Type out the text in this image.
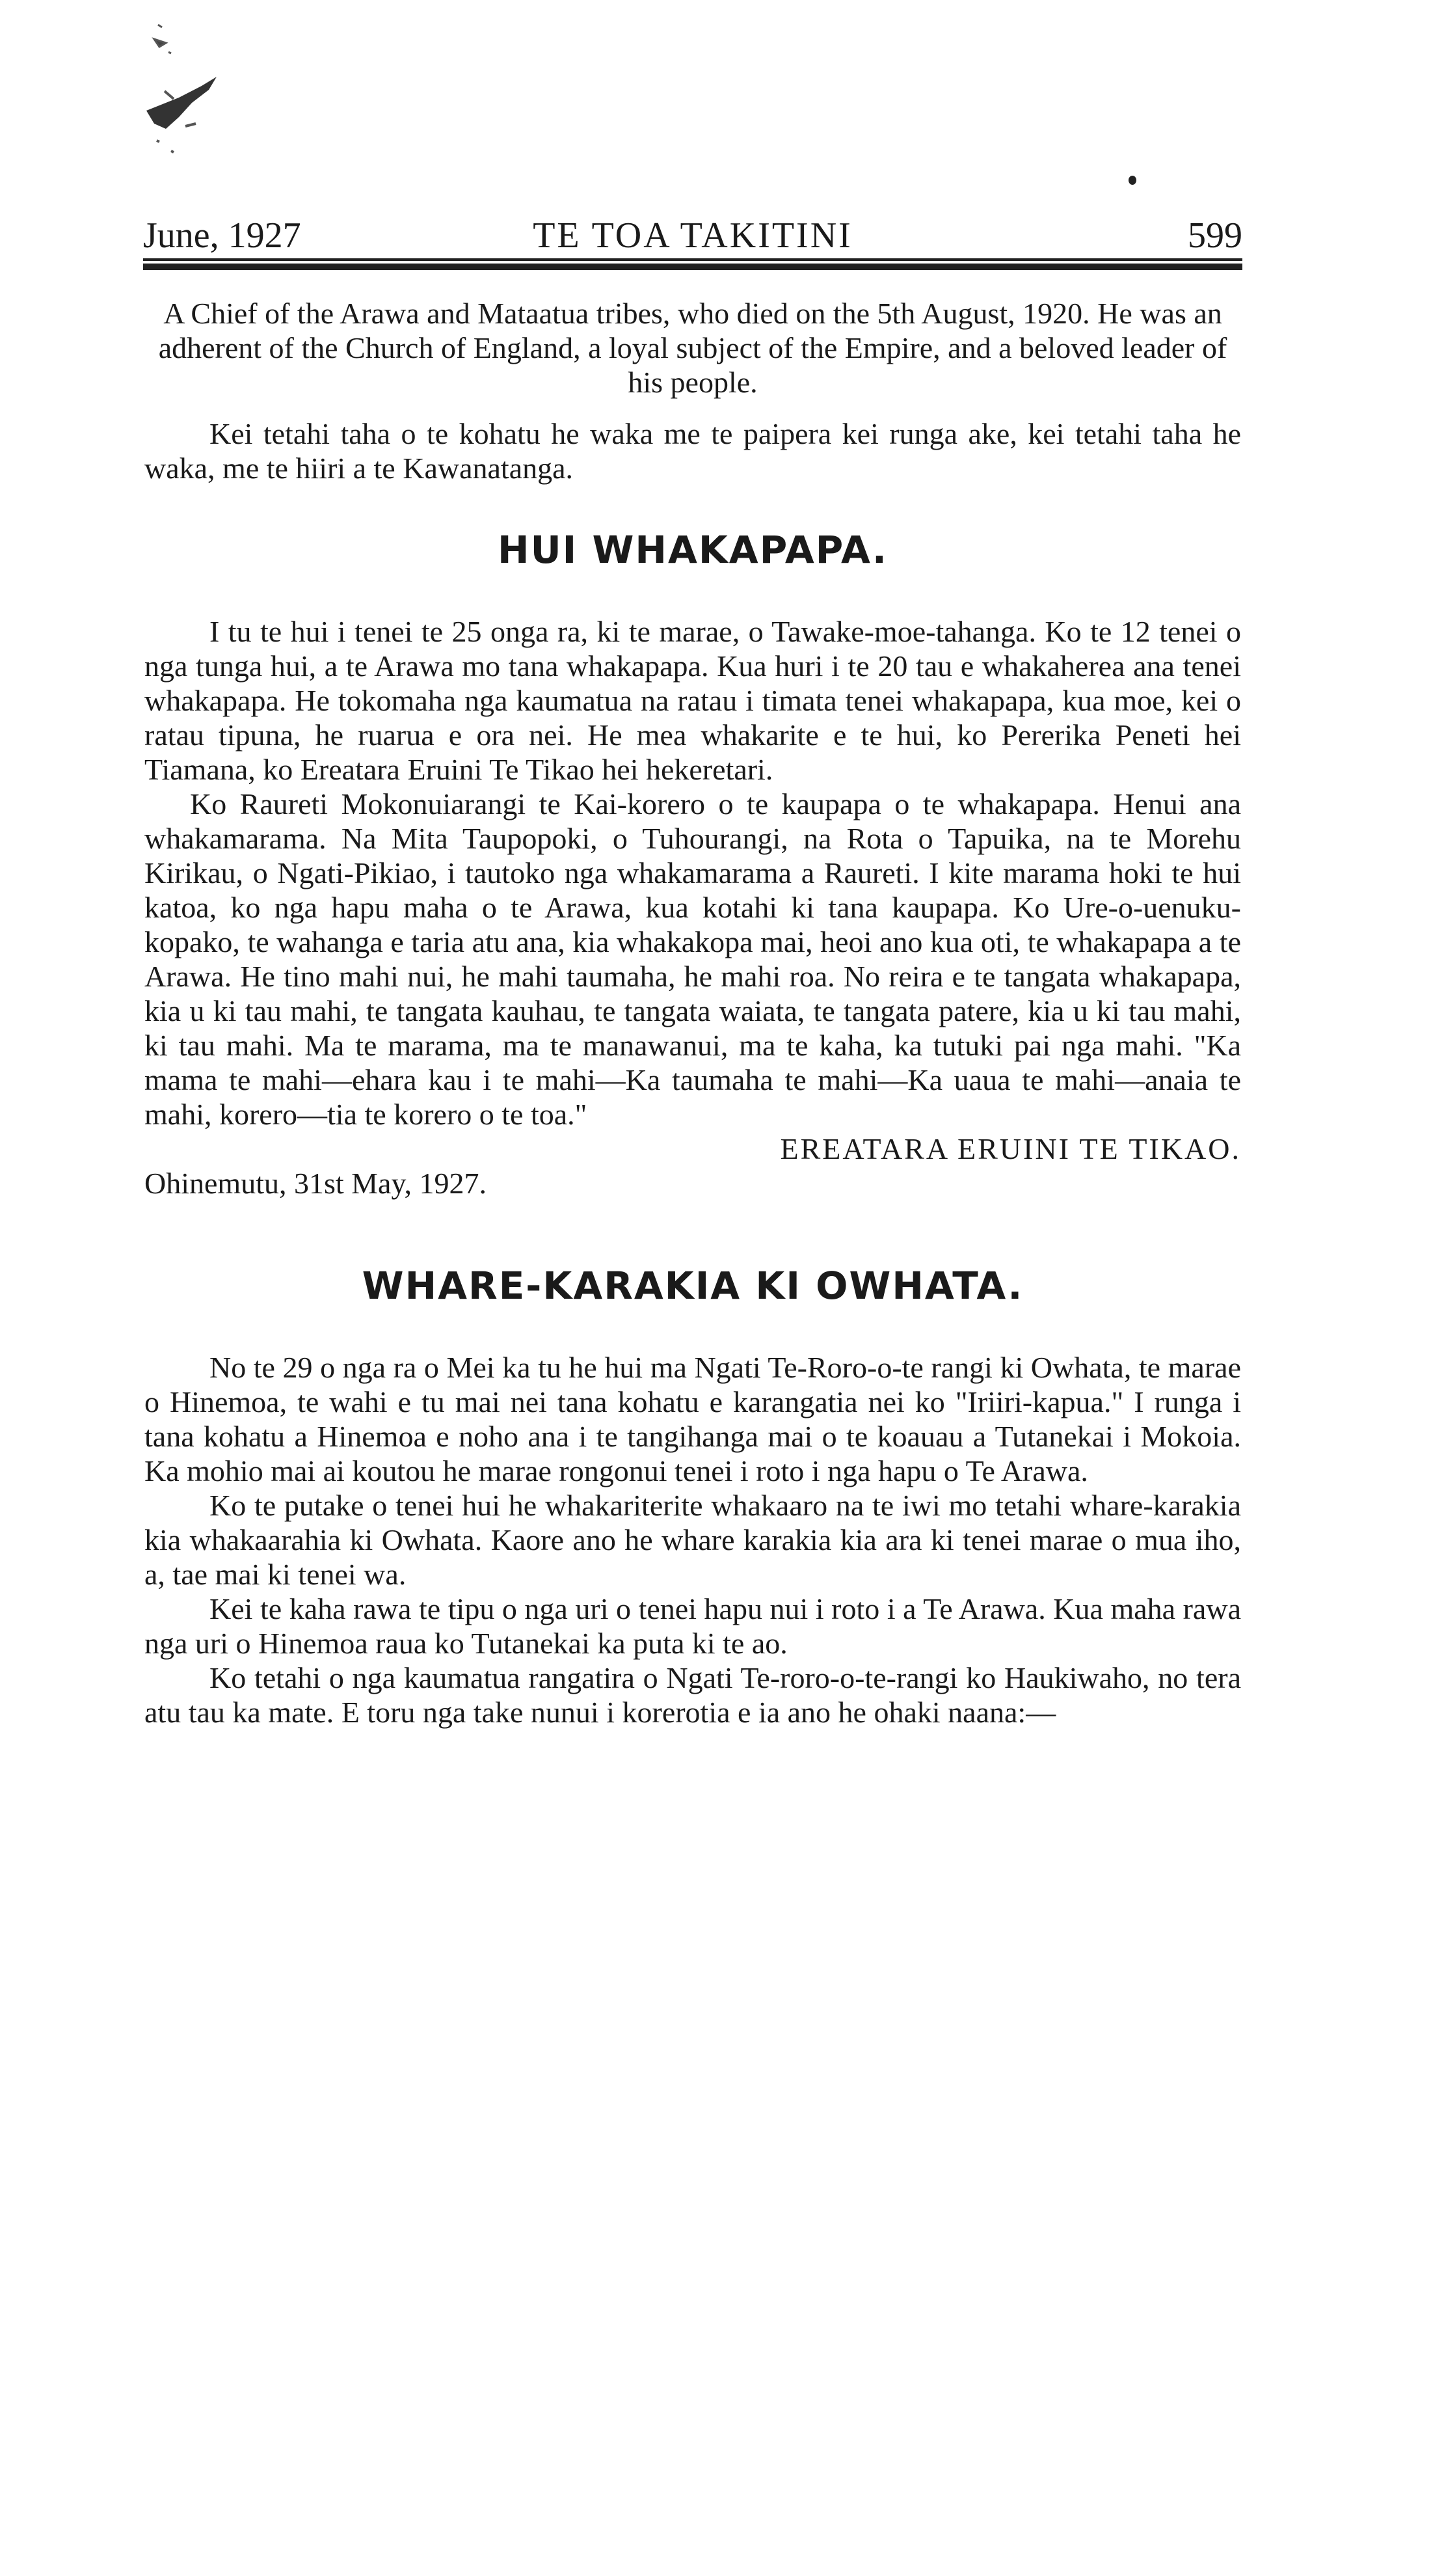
June, 1927	TE TOA TAKITINI	599

A Chief of the Arawa and Mataatua tribes, who died on the 5th August, 1920. He was an adherent of the Church of England, a loyal subject of the Empire, and a beloved leader of his people.

Kei tetahi taha o te kohatu he waka me te paipera kei runga ake, kei tetahi taha he waka, me te hiiri a te Kawanatanga.

HUI WHAKAPAPA.

I tu te hui i tenei te 25 onga ra, ki te marae, o Tawake-moe-tahanga. Ko te 12 tenei o nga tunga hui, a te Arawa mo tana whakapapa. Kua huri i te 20 tau e whakaherea ana tenei whakapapa. He tokomaha nga kaumatua na ratau i timata tenei whakapapa, kua moe, kei o ratau tipuna, he ruarua e ora nei. He mea whakarite e te hui, ko Pererika Peneti hei Tiamana, ko Ereatara Eruini Te Tikao hei hekeretari.

Ko Raureti Mokonuiarangi te Kai-korero o te kaupapa o te whakapapa. Henui ana whakamarama. Na Mita Taupopoki, o Tuhourangi, na Rota o Tapuika, na te Morehu Kirikau, o Ngati-Pikiao, i tautoko nga whakamarama a Raureti. I kite marama hoki te hui katoa, ko nga hapu maha o te Arawa, kua kotahi ki tana kaupapa. Ko Ure-o-uenuku-kopako, te wahanga e taria atu ana, kia whakakopa mai, heoi ano kua oti, te whakapapa a te Arawa. He tino mahi nui, he mahi taumaha, he mahi roa. No reira e te tangata whakapapa, kia u ki tau mahi, te tangata kauhau, te tangata waiata, te tangata patere, kia u ki tau mahi, ki tau mahi. Ma te marama, ma te manawanui, ma te kaha, ka tutuki pai nga mahi. "Ka mama te mahi—ehara kau i te mahi—Ka taumaha te mahi—Ka uaua te mahi—anaia te mahi, korero—tia te korero o te toa."

EREATARA ERUINI TE TIKAO.

Ohinemutu, 31st May, 1927.

WHARE-KARAKIA KI OWHATA.

No te 29 o nga ra o Mei ka tu he hui ma Ngati Te-Roro-o-te rangi ki Owhata, te marae o Hinemoa, te wahi e tu mai nei tana kohatu e karangatia nei ko "Iriiri-kapua." I runga i tana kohatu a Hinemoa e noho ana i te tangihanga mai o te koauau a Tutanekai i Mokoia. Ka mohio mai ai koutou he marae rongonui tenei i roto i nga hapu o Te Arawa.

Ko te putake o tenei hui he whakariterite whakaaro na te iwi mo tetahi whare-karakia kia whakaarahia ki Owhata. Kaore ano he whare karakia kia ara ki tenei marae o mua iho, a, tae mai ki tenei wa.

Kei te kaha rawa te tipu o nga uri o tenei hapu nui i roto i a Te Arawa. Kua maha rawa nga uri o Hinemoa raua ko Tutanekai ka puta ki te ao.

Ko tetahi o nga kaumatua rangatira o Ngati Te-roro-o-te-rangi ko Haukiwaho, no tera atu tau ka mate. E toru nga take nunui i korerotia e ia ano he ohaki naana:—
